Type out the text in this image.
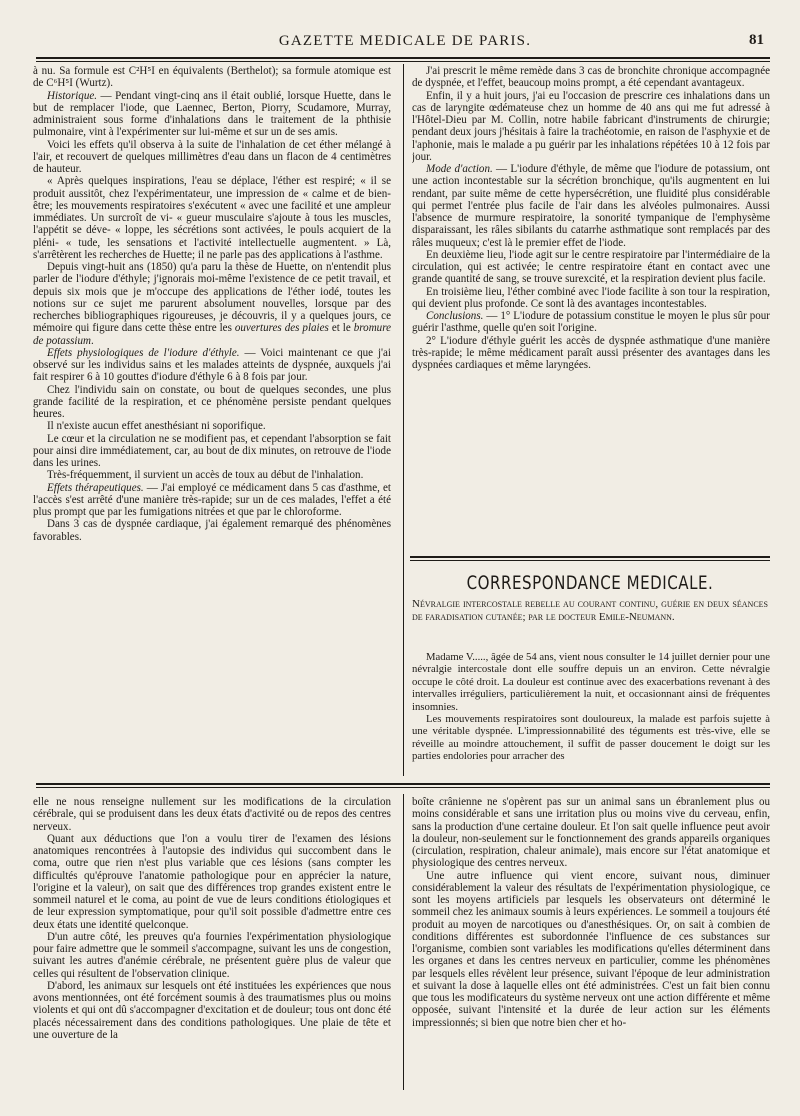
GAZETTE MEDICALE DE PARIS.	81

à nu. Sa formule est C²H⁵I en équivalents (Berthelot); sa formule atomique est de C⁶H⁵I (Wurtz).

Historique. — Pendant vingt-cinq ans il était oublié, lorsque Huette, dans le but de remplacer l'iode, que Laennec, Berton, Piorry, Scudamore, Murray, administraient sous forme d'inhalations dans le traitement de la phthisie pulmonaire, vint à l'expérimenter sur lui-même et sur un de ses amis.

Voici les effets qu'il observa à la suite de l'inhalation de cet éther mélangé à l'air, et recouvert de quelques millimètres d'eau dans un flacon de 4 centimètres de hauteur.

« Après quelques inspirations, l'eau se déplace, l'éther est respiré; « il se produit aussitôt, chez l'expérimentateur, une impression de « calme et de bien-être; les mouvements respiratoires s'exécutent « avec une facilité et une ampleur immédiates. Un surcroît de vi- « gueur musculaire s'ajoute à tous les muscles, l'appétit se déve- « loppe, les sécrétions sont activées, le pouls acquiert de la pléni- « tude, les sensations et l'activité intellectuelle augmentent. » Là, s'arrêtèrent les recherches de Huette; il ne parle pas des applications à l'asthme.

Depuis vingt-huit ans (1850) qu'a paru la thèse de Huette, on n'entendit plus parler de l'iodure d'éthyle; j'ignorais moi-même l'existence de ce petit travail, et depuis six mois que je m'occupe des applications de l'éther iodé, toutes les notions sur ce sujet me parurent absolument nouvelles, lorsque par des recherches bibliographiques rigoureuses, je découvris, il y a quelques jours, ce mémoire qui figure dans cette thèse entre les ouvertures des plaies et le bromure de potassium.

Effets physiologiques de l'iodure d'éthyle. — Voici maintenant ce que j'ai observé sur les individus sains et les malades atteints de dyspnée, auxquels j'ai fait respirer 6 à 10 gouttes d'iodure d'éthyle 6 à 8 fois par jour.

Chez l'individu sain on constate, ou bout de quelques secondes, une plus grande facilité de la respiration, et ce phénomène persiste pendant quelques heures.

Il n'existe aucun effet anesthésiant ni soporifique.

Le cœur et la circulation ne se modifient pas, et cependant l'absorption se fait pour ainsi dire immédiatement, car, au bout de dix minutes, on retrouve de l'iode dans les urines.

Très-fréquemment, il survient un accès de toux au début de l'inhalation.

Effets thérapeutiques. — J'ai employé ce médicament dans 5 cas d'asthme, et l'accès s'est arrêté d'une manière très-rapide; sur un de ces malades, l'effet a été plus prompt que par les fumigations nitrées et que par le chloroforme.

Dans 3 cas de dyspnée cardiaque, j'ai également remarqué des phénomènes favorables.

J'ai prescrit le même remède dans 3 cas de bronchite chronique accompagnée de dyspnée, et l'effet, beaucoup moins prompt, a été cependant avantageux.

Enfin, il y a huit jours, j'ai eu l'occasion de prescrire ces inhalations dans un cas de laryngite œdémateuse chez un homme de 40 ans qui me fut adressé à l'Hôtel-Dieu par M. Collin, notre habile fabricant d'instruments de chirurgie; pendant deux jours j'hésitais à faire la trachéotomie, en raison de l'asphyxie et de l'aphonie, mais le malade a pu guérir par les inhalations répétées 10 à 12 fois par jour.

Mode d'action. — L'iodure d'éthyle, de même que l'iodure de potassium, ont une action incontestable sur la sécrétion bronchique, qu'ils augmentent en lui rendant, par suite même de cette hypersécrétion, une fluidité plus considérable qui permet l'entrée plus facile de l'air dans les alvéoles pulmonaires. Aussi l'absence de murmure respiratoire, la sonorité tympanique de l'emphysème disparaissant, les râles sibilants du catarrhe asthmatique sont remplacés par des râles muqueux; c'est là le premier effet de l'iode.

En deuxième lieu, l'iode agit sur le centre respiratoire par l'intermédiaire de la circulation, qui est activée; le centre respiratoire étant en contact avec une grande quantité de sang, se trouve surexcité, et la respiration devient plus facile.

En troisième lieu, l'éther combiné avec l'iode facilite à son tour la respiration, qui devient plus profonde. Ce sont là des avantages incontestables.

Conclusions. — 1° L'iodure de potassium constitue le moyen le plus sûr pour guérir l'asthme, quelle qu'en soit l'origine.

2° L'iodure d'éthyle guérit les accès de dyspnée asthmatique d'une manière très-rapide; le même médicament paraît aussi présenter des avantages dans les dyspnées cardiaques et même laryngées.

CORRESPONDANCE MEDICALE.
Névralgie intercostale rebelle au courant continu, guérie en deux séances de faradisation cutanée; par le docteur Emile-Neumann.

Madame V....., âgée de 54 ans, vient nous consulter le 14 juillet dernier pour une névralgie intercostale dont elle souffre depuis un an environ. Cette névralgie occupe le côté droit. La douleur est continue avec des exacerbations revenant à des intervalles irréguliers, particulièrement la nuit, et occasionnant ainsi de fréquentes insomnies.

Les mouvements respiratoires sont douloureux, la malade est parfois sujette à une véritable dyspnée. L'impressionnabilité des téguments est très-vive, elle se réveille au moindre attouchement, il suffit de passer doucement le doigt sur les parties endolories pour arracher des

elle ne nous renseigne nullement sur les modifications de la circulation cérébrale, qui se produisent dans les deux états d'activité ou de repos des centres nerveux.

Quant aux déductions que l'on a voulu tirer de l'examen des lésions anatomiques rencontrées à l'autopsie des individus qui succombent dans le coma, outre que rien n'est plus variable que ces lésions (sans compter les difficultés qu'éprouve l'anatomie pathologique pour en apprécier la nature, l'origine et la valeur), on sait que des différences trop grandes existent entre le sommeil naturel et le coma, au point de vue de leurs conditions étiologiques et de leur expression symptomatique, pour qu'il soit possible d'admettre entre ces deux états une identité quelconque.

D'un autre côté, les preuves qu'a fournies l'expérimentation physiologique pour faire admettre que le sommeil s'accompagne, suivant les uns de congestion, suivant les autres d'anémie cérébrale, ne présentent guère plus de valeur que celles qui résultent de l'observation clinique.

D'abord, les animaux sur lesquels ont été instituées les expériences que nous avons mentionnées, ont été forcément soumis à des traumatismes plus ou moins violents et qui ont dû s'accompagner d'excitation et de douleur; tous ont donc été placés nécessairement dans des conditions pathologiques. Une plaie de tête et une ouverture de la

boîte crânienne ne s'opèrent pas sur un animal sans un ébranlement plus ou moins considérable et sans une irritation plus ou moins vive du cerveau, enfin, sans la production d'une certaine douleur. Et l'on sait quelle influence peut avoir la douleur, non-seulement sur le fonctionnement des grands appareils organiques (circulation, respiration, chaleur animale), mais encore sur l'état anatomique et physiologique des centres nerveux.

Une autre influence qui vient encore, suivant nous, diminuer considérablement la valeur des résultats de l'expérimentation physiologique, ce sont les moyens artificiels par lesquels les observateurs ont déterminé le sommeil chez les animaux soumis à leurs expériences. Le sommeil a toujours été produit au moyen de narcotiques ou d'anesthésiques. Or, on sait à combien de conditions différentes est subordonnée l'influence de ces substances sur l'organisme, combien sont variables les modifications qu'elles déterminent dans les organes et dans les centres nerveux en particulier, comme les phénomènes par lesquels elles révèlent leur présence, suivant l'époque de leur administration et suivant la dose à laquelle elles ont été administrées. C'est un fait bien connu que tous les modificateurs du système nerveux ont une action différente et même opposée, suivant l'intensité et la durée de leur action sur les éléments impressionnés; si bien que notre bien cher et ho-
